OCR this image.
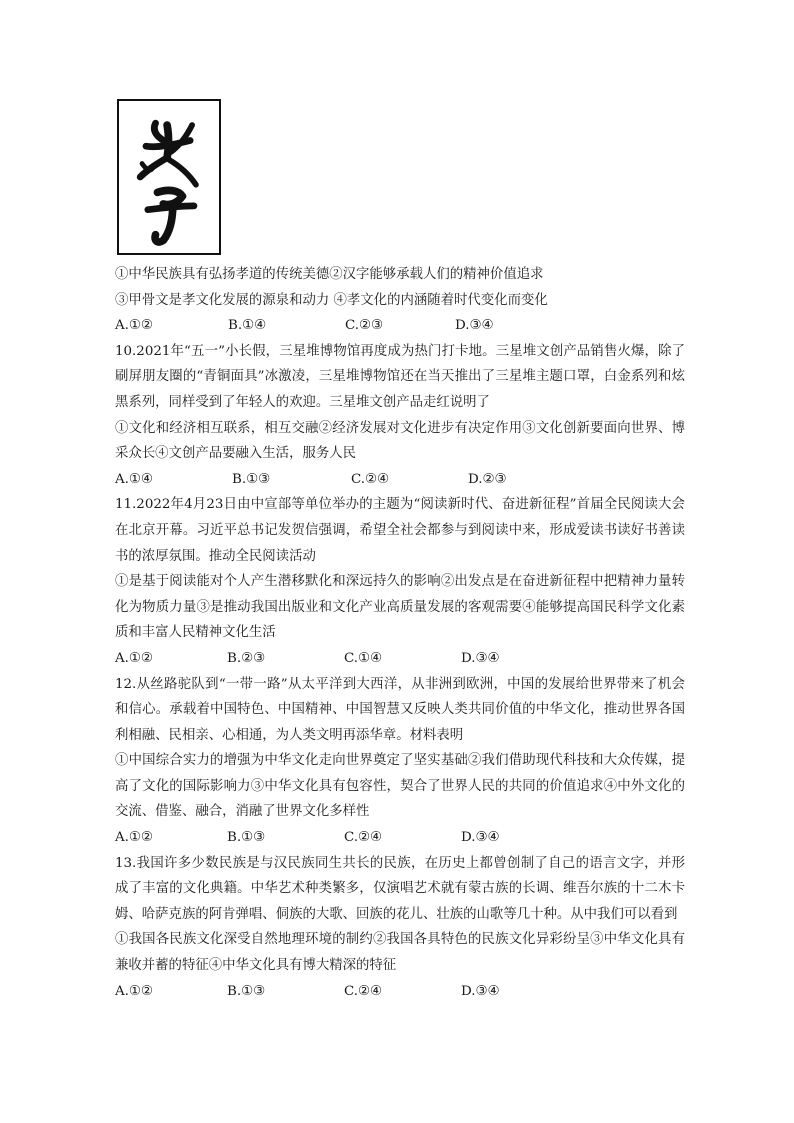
①中华民族具有弘扬孝道的传统美德②汉字能够承载人们的精神价值追求
③甲骨文是孝文化发展的源泉和动力 ④孝文化的内涵随着时代变化而变化
A.①②	B.①④	C.②③	D.③④
10.2021年“五一”小长假，三星堆博物馆再度成为热门打卡地。三星堆文创产品销售火爆，除了刷屏朋友圈的“青铜面具”冰激凌，三星堆博物馆还在当天推出了三星堆主题口罩，白金系列和炫黑系列，同样受到了年轻人的欢迎。三星堆文创产品走红说明了
①文化和经济相互联系，相互交融②经济发展对文化进步有决定作用③文化创新要面向世界、博采众长④文创产品要融入生活，服务人民
A.①④	B.①③	C.②④	D.②③
11.2022年4月23日由中宣部等单位举办的主题为“阅读新时代、奋进新征程”首届全民阅读大会在北京开幕。习近平总书记发贺信强调，希望全社会都参与到阅读中来，形成爱读书读好书善读书的浓厚氛围。推动全民阅读活动
①是基于阅读能对个人产生潜移默化和深远持久的影响②出发点是在奋进新征程中把精神力量转化为物质力量③是推动我国出版业和文化产业高质量发展的客观需要④能够提高国民科学文化素质和丰富人民精神文化生活
A.①②	B.②③	C.①④	D.③④
12.从丝路驼队到“一带一路”从太平洋到大西洋，从非洲到欧洲，中国的发展给世界带来了机会和信心。承载着中国特色、中国精神、中国智慧又反映人类共同价值的中华文化，推动世界各国利相融、民相亲、心相通，为人类文明再添华章。材料表明
①中国综合实力的增强为中华文化走向世界奠定了坚实基础②我们借助现代科技和大众传媒，提高了文化的国际影响力③中华文化具有包容性，契合了世界人民的共同的价值追求④中外文化的交流、借鉴、融合，消融了世界文化多样性
A.①②	B.①③	C.②④	D.③④
13.我国许多少数民族是与汉民族同生共长的民族，在历史上都曾创制了自己的语言文字，并形成了丰富的文化典籍。中华艺术种类繁多，仅演唱艺术就有蒙古族的长调、维吾尔族的十二木卡姆、哈萨克族的阿肯弹唱、侗族的大歌、回族的花儿、壮族的山歌等几十种。从中我们可以看到
①我国各民族文化深受自然地理环境的制约②我国各具特色的民族文化异彩纷呈③中华文化具有兼收并蓄的特征④中华文化具有博大精深的特征
A.①②	B.①③	C.②④	D.③④
